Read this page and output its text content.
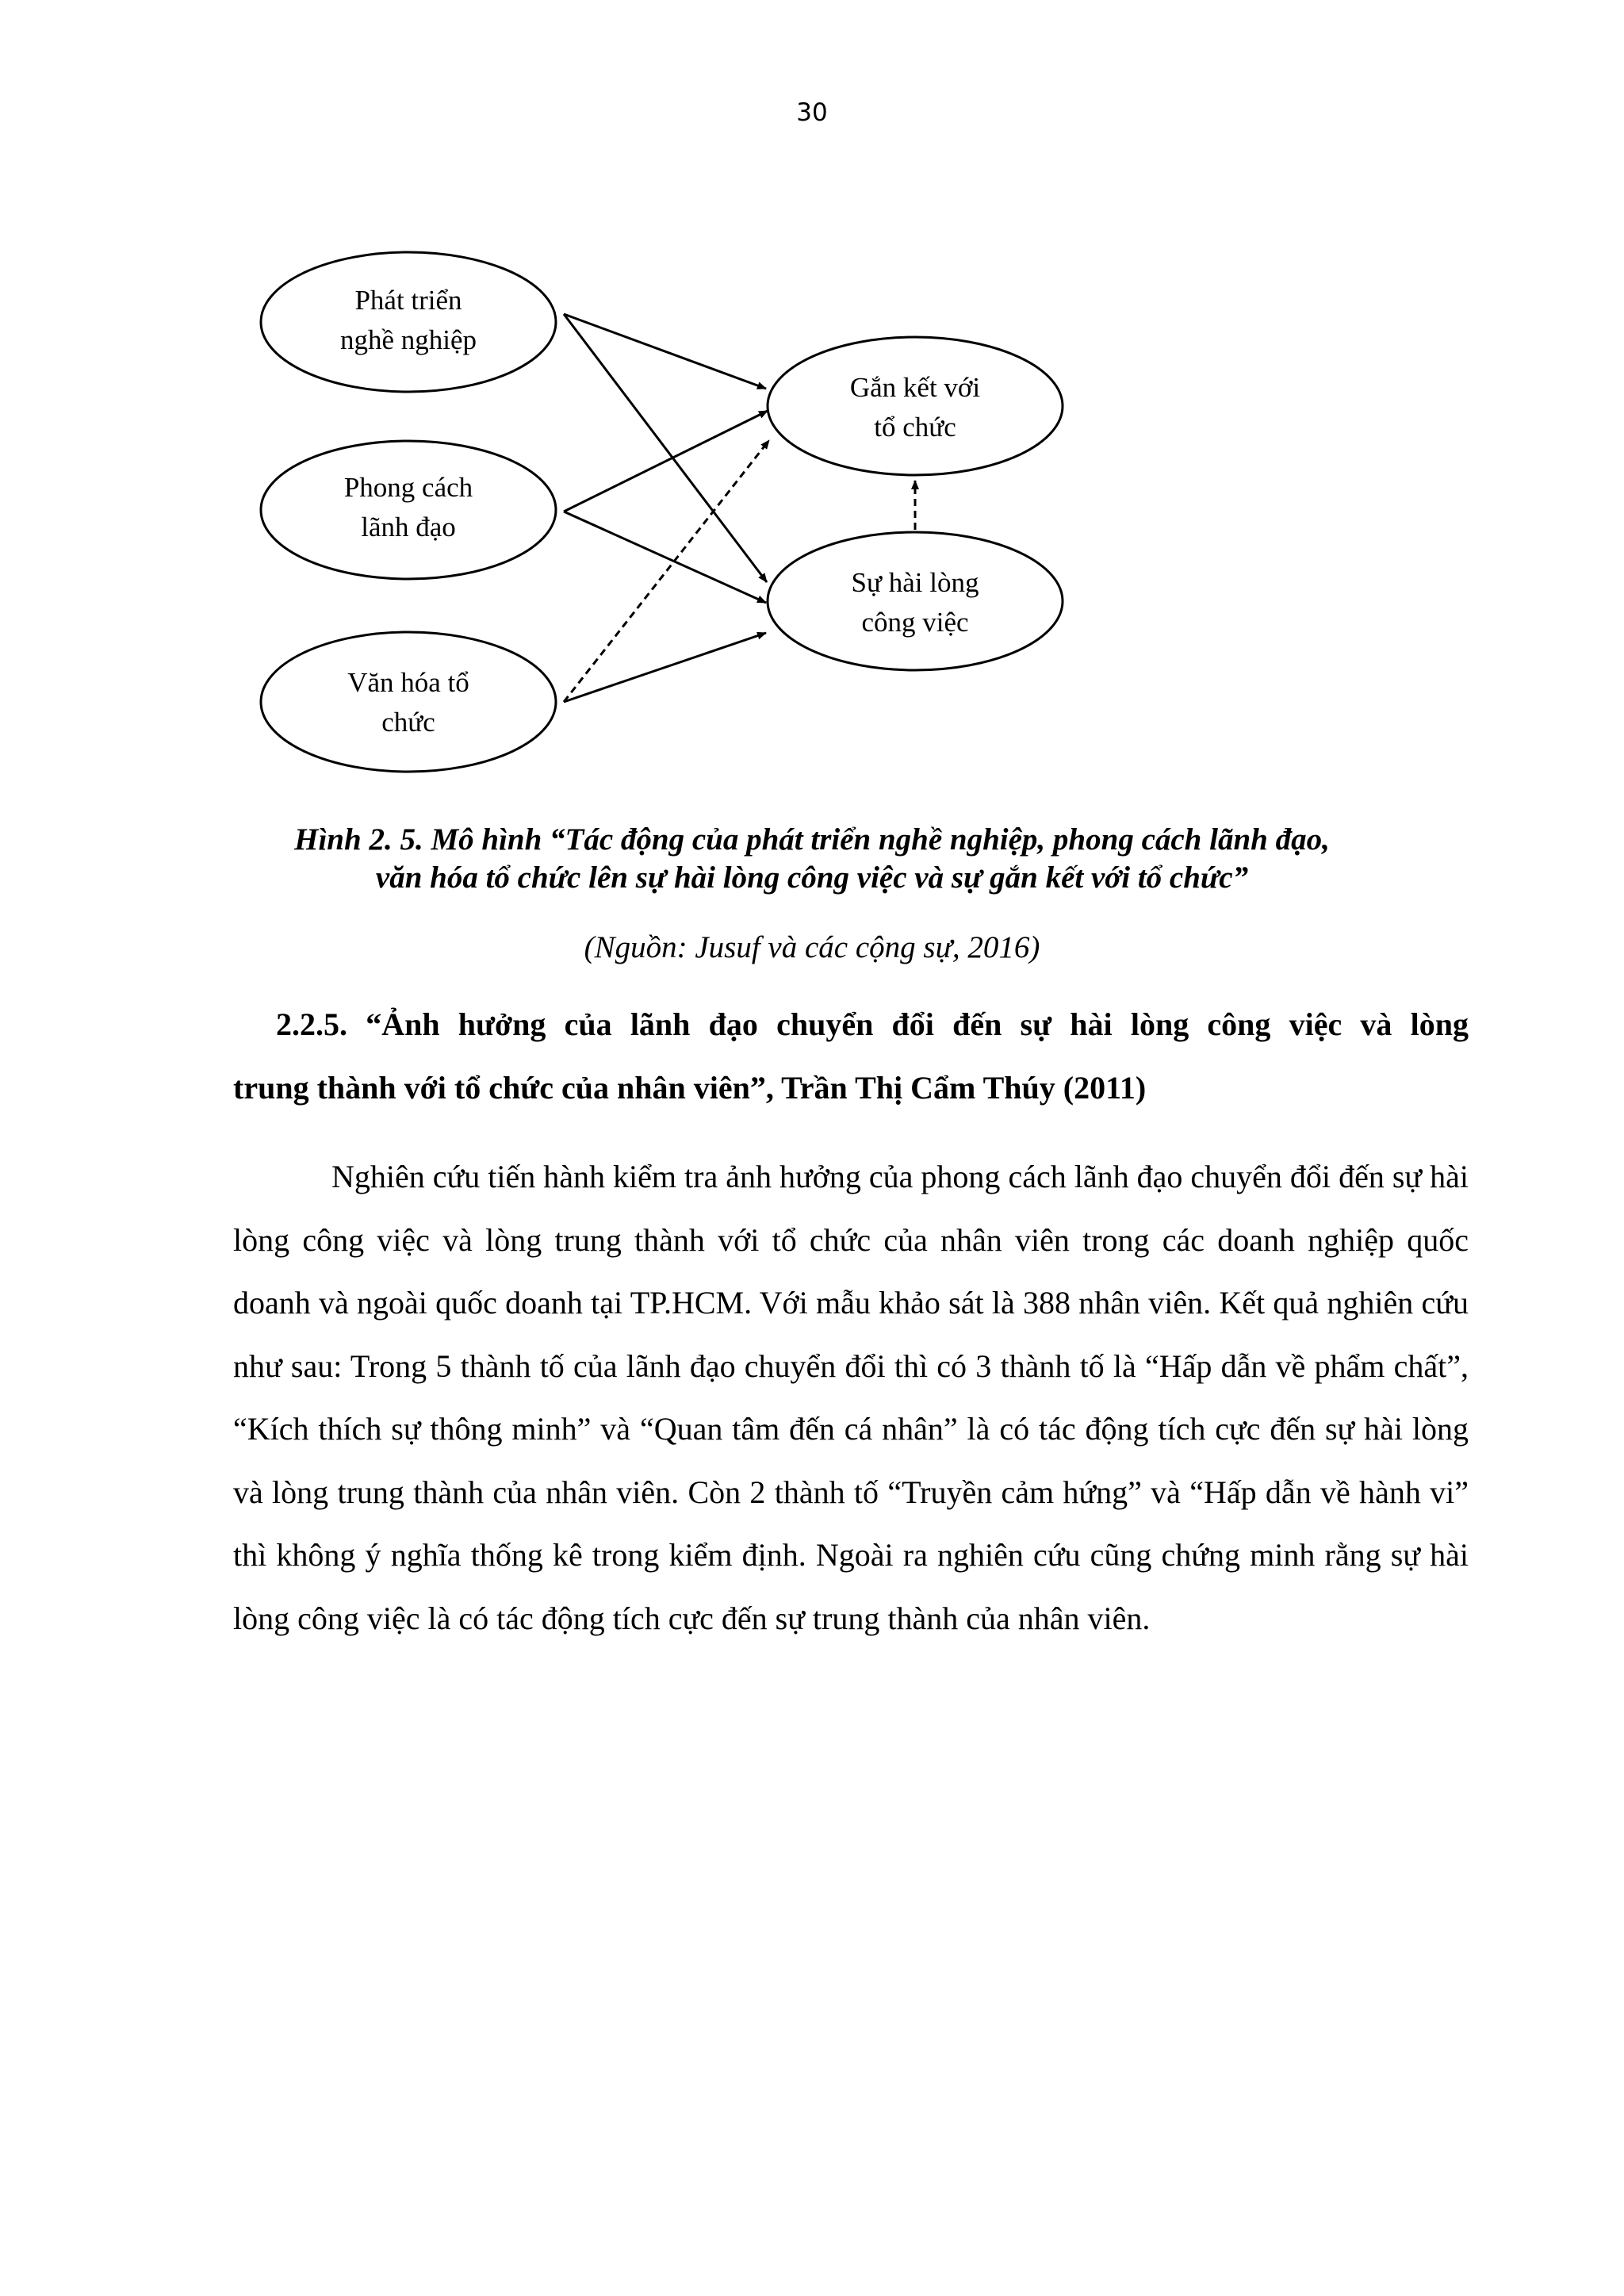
30
Phát triển
nghề nghiệp
Phong cách
lãnh đạo
Văn hóa tổ
chức
Gắn kết với
tổ chức
Sự hài lòng
công việc
Hình 2. 5. Mô hình “Tác động của phát triển nghề nghiệp, phong cách lãnh đạo,
văn hóa tổ chức lên sự hài lòng công việc và sự gắn kết với tổ chức”
(Nguồn: Jusuf và các cộng sự, 2016)
2.2.5. “Ảnh hưởng của lãnh đạo chuyển đổi đến sự hài lòng công việc và lòng
trung thành với tổ chức của nhân viên”, Trần Thị Cẩm Thúy (2011)

Nghiên cứu tiến hành kiểm tra ảnh hưởng của phong cách lãnh đạo chuyển đổi đến sự hài lòng công việc và lòng trung thành với tổ chức của nhân viên trong các doanh nghiệp quốc doanh và ngoài quốc doanh tại TP.HCM. Với mẫu khảo sát là 388 nhân viên. Kết quả nghiên cứu như sau: Trong 5 thành tố của lãnh đạo chuyển đổi thì có 3 thành tố là “Hấp dẫn về phẩm chất”, “Kích thích sự thông minh” và “Quan tâm đến cá nhân” là có tác động tích cực đến sự hài lòng và lòng trung thành của nhân viên. Còn 2 thành tố “Truyền cảm hứng” và “Hấp dẫn về hành vi” thì không ý nghĩa thống kê trong kiểm định. Ngoài ra nghiên cứu cũng chứng minh rằng sự hài lòng công việc là có tác động tích cực đến sự trung thành của nhân viên.
